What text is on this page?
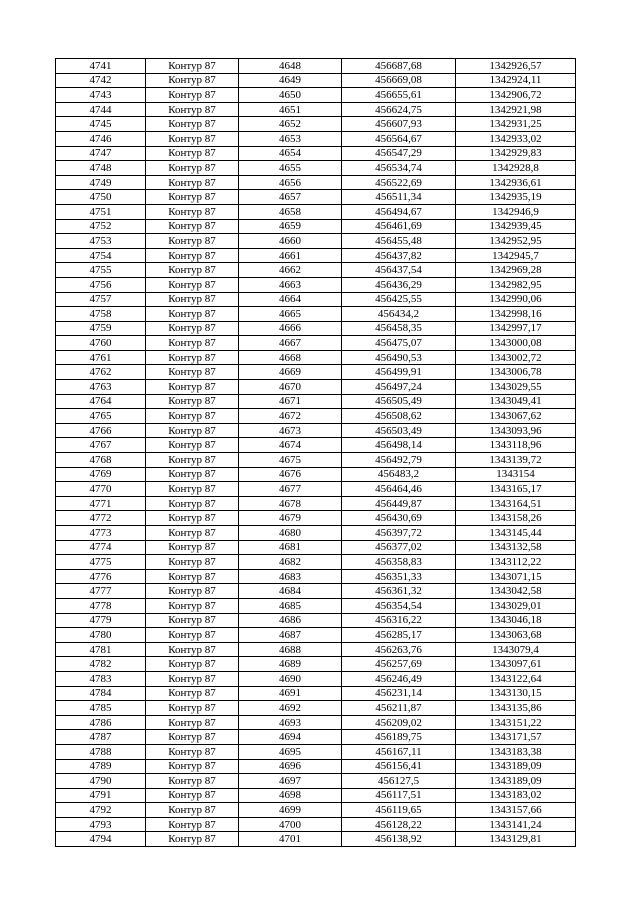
4741	Контур 87	4648	456687,68	1342926,57
4742	Контур 87	4649	456669,08	1342924,11
4743	Контур 87	4650	456655,61	1342906,72
4744	Контур 87	4651	456624,75	1342921,98
4745	Контур 87	4652	456607,93	1342931,25
4746	Контур 87	4653	456564,67	1342933,02
4747	Контур 87	4654	456547,29	1342929,83
4748	Контур 87	4655	456534,74	1342928,8
4749	Контур 87	4656	456522,69	1342936,61
4750	Контур 87	4657	456511,34	1342935,19
4751	Контур 87	4658	456494,67	1342946,9
4752	Контур 87	4659	456461,69	1342939,45
4753	Контур 87	4660	456455,48	1342952,95
4754	Контур 87	4661	456437,82	1342945,7
4755	Контур 87	4662	456437,54	1342969,28
4756	Контур 87	4663	456436,29	1342982,95
4757	Контур 87	4664	456425,55	1342990,06
4758	Контур 87	4665	456434,2	1342998,16
4759	Контур 87	4666	456458,35	1342997,17
4760	Контур 87	4667	456475,07	1343000,08
4761	Контур 87	4668	456490,53	1343002,72
4762	Контур 87	4669	456499,91	1343006,78
4763	Контур 87	4670	456497,24	1343029,55
4764	Контур 87	4671	456505,49	1343049,41
4765	Контур 87	4672	456508,62	1343067,62
4766	Контур 87	4673	456503,49	1343093,96
4767	Контур 87	4674	456498,14	1343118,96
4768	Контур 87	4675	456492,79	1343139,72
4769	Контур 87	4676	456483,2	1343154
4770	Контур 87	4677	456464,46	1343165,17
4771	Контур 87	4678	456449,87	1343164,51
4772	Контур 87	4679	456430,69	1343158,26
4773	Контур 87	4680	456397,72	1343145,44
4774	Контур 87	4681	456377,02	1343132,58
4775	Контур 87	4682	456358,83	1343112,22
4776	Контур 87	4683	456351,33	1343071,15
4777	Контур 87	4684	456361,32	1343042,58
4778	Контур 87	4685	456354,54	1343029,01
4779	Контур 87	4686	456316,22	1343046,18
4780	Контур 87	4687	456285,17	1343063,68
4781	Контур 87	4688	456263,76	1343079,4
4782	Контур 87	4689	456257,69	1343097,61
4783	Контур 87	4690	456246,49	1343122,64
4784	Контур 87	4691	456231,14	1343130,15
4785	Контур 87	4692	456211,87	1343135,86
4786	Контур 87	4693	456209,02	1343151,22
4787	Контур 87	4694	456189,75	1343171,57
4788	Контур 87	4695	456167,11	1343183,38
4789	Контур 87	4696	456156,41	1343189,09
4790	Контур 87	4697	456127,5	1343189,09
4791	Контур 87	4698	456117,51	1343183,02
4792	Контур 87	4699	456119,65	1343157,66
4793	Контур 87	4700	456128,22	1343141,24
4794	Контур 87	4701	456138,92	1343129,81
